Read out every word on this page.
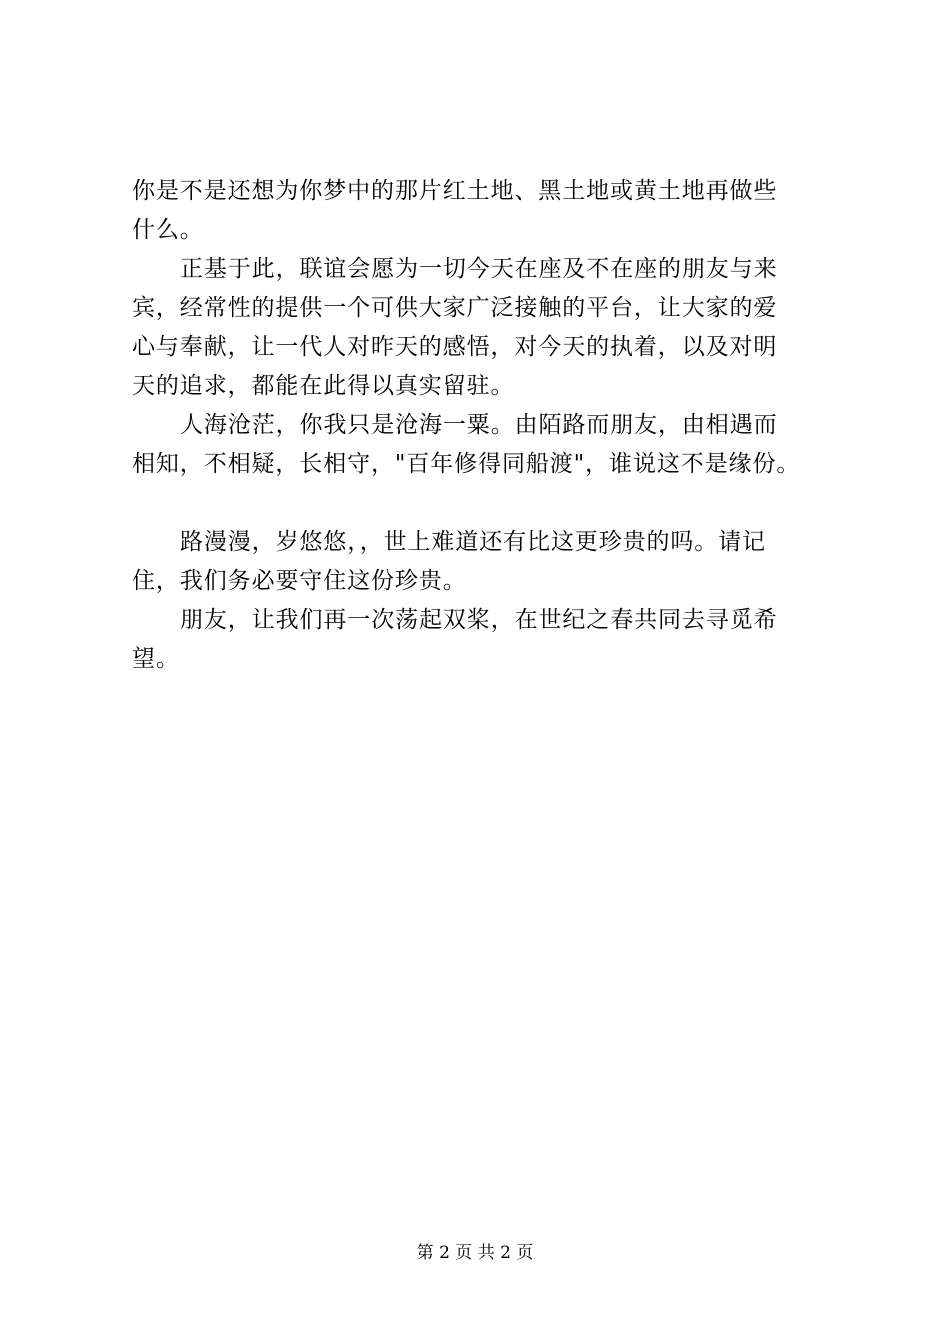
你是不是还想为你梦中的那片红土地、黑土地或黄土地再做些
什么。
正基于此，联谊会愿为一切今天在座及不在座的朋友与来
宾，经常性的提供一个可供大家广泛接触的平台，让大家的爱
心与奉献，让一代人对昨天的感悟，对今天的执着，以及对明
天的追求，都能在此得以真实留驻。
人海沧茫，你我只是沧海一粟。由陌路而朋友，由相遇而
相知，不相疑，长相守，"百年修得同船渡"，谁说这不是缘份。
路漫漫，岁悠悠，，世上难道还有比这更珍贵的吗。请记
住，我们务必要守住这份珍贵。
朋友，让我们再一次荡起双桨，在世纪之春共同去寻觅希
望。
第 2 页 共 2 页
